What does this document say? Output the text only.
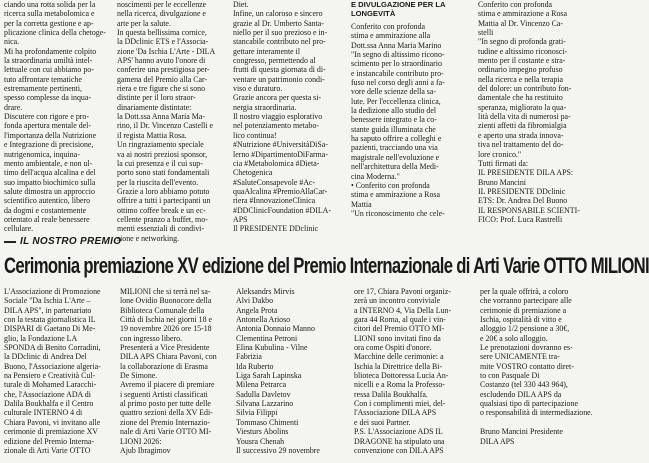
ciando una rotta solida per la
ricerca sulla metabolomica e
per la corretta gestione e ap-
plicazione clinica della chetoge-
nica.
Mi ha profondamente colpito
la straordinaria umiltà intel-
lettuale con cui abbiamo po-
tuto affrontare tematiche
estremamente pertinenti,
spesso complesse da inqua-
drare.
Discutere con rigore e pro-
fonda apertura mentale del-
l'importanza della Nutrizione
e Integrazione di precisione,
nutrigenomica, inquina-
mento ambientale, e non ul-
timo dell'acqua alcalina e del
suo impatto biochimico sulla
salute dimostra un approccio
scientifico autentico, libero
da dogmi e costantemente
orientato al reale benessere
cellulare.

noscimenti per le eccellenze
nella ricerca, divulgazione e
arte per la salute.
In questa bellissima cornice,
la DDclinic ETS e l'Associa-
zione 'Da Ischia L'Arte - DILA
APS' hanno avuto l'onore di
conferire una prestigiosa per-
gamena del Premio alla Car-
riera e tre figure che si sono
distinte per il loro straor-
dinariamente distintate:
la Dott.ssa Anna Maria Ma-
rino, il Dr. Vincenzo Castelli e
il regista Mattia Rosa.
Un ringraziamento speciale
va ai nostri preziosi sponsor,
la cui presenza e il cui sup-
porto sono stati fondamentali
per la riuscita dell'evento.
Grazie a loro abbiamo potuto
offrire a tutti i partecipanti un
ottimo coffee break e un ec-
cellente pranzo a buffet, mo-
menti essenziali di condivi-
sione e networking.

Diet.
Infine, un caloroso e sincero
grazie al Dr. Umberto Santa-
niello per il suo prezioso e in-
stancabile contributo nel pro-
gettare interamente il
congresso, permettendo al
frutti di questa giornata di di-
ventare un patrimonio condi-
viso e duraturo.
Grazie ancora per questa si-
nergia straordinaria.
Il nostro viaggio esplorativo
nel potenziamento metabo-
lico continua!
#Nutrizione #UniversitàDiSa-
lerno #DipartimentoDiFarma-
cia #Metabolomica #Dieta-
Chetogenica
#SaluteConsapevole #Ac-
quaAlcalina #PremioAllaCar-
riera #InnovazioneClinica
#DDClinicFoundation #DILA-
APS
Il PRESIDENTE DDclinic

E DIVULGAZIONE PER LA
LONGEVITÀ

Conferito con profonda
stima e ammirazione alla
Dott.ssa Anna Maria Marino
"In segno di altissimo ricono-
scimento per lo straordinario
e instancabile contributo pro-
fuso nel corso degli anni a fa-
vore delle scienze della sa-
lute. Per l'eccellenza clinica,
la dedizione allo studio del
benessere integrato e la co-
stante guida illuminata che
ha saputo offrire a colleghi e
pazienti, tracciando una via
magistrale nell'evoluzione e
nell'architettura della Medi-
cina Moderna."
• Conferito con profonda
stima e ammirazione a Rosa
Mattia
"Un riconoscimento che cele-

Conferito con profonda
stima e ammirazione a Rosa
Mattia al Dr. Vincenzo Ca-
stelli
"In segno di profonda grati-
tudine e altissimo riconosci-
mento per il costante e stra-
ordinario impegno profuso
nella ricerca e nella terapia
del dolore: un contributo fon-
damentale che ha restituito
speranza, migliorato la qua-
lità della vita di numerosi pa-
zienti affetti da fibromialgia
e aperto una strada innova-
tiva nel trattamento del do-
lore cronico."
Tutti firmati da:
IL PRESIDENTE DILA APS:
Bruno Mancini
IL PRESIDENTE DDclinic
ETS: Dr. Andrea Del Buono
IL RESPONSABILE SCIENTI-
FICO: Prof. Luca Rastrelli

IL NOSTRO PREMIO
Cerimonia premiazione XV edizione del Premio Internazionale di Arti Varie OTTO MILIONI

L'Associazione di Promozione
Sociale "Da Ischia L'Arte –
DILA APS", in partenariato
con la testata giornalistica IL
DISPARI di Gaetano Di Me-
glio, la Fondazione LA
SPONDA di Benito Corradini,
la DDclinic di Andrea Del
Buono, l'Associazione algeria-
na Pensiero e Creatività Cul-
turale di Mohamed Laracchi-
che, l'Associazione ADA di
Dalila Boukhalfa e il Centro
culturale INTERNO 4 di
Chiara Pavoni, vi invitano alle
cerimonie di premiazione XV
edizione del Premio Interna-
zionale di Arti Varie OTTO

MILIONI che si terrà nel sa-
lone Ovidio Buonocore della
Biblioteca Comunale della
Città di Ischia nei giorni 18 e
19 novembre 2026 ore 15-18
con ingresso libero.
Presenterà a Vice Presidente
DILA APS Chiara Pavoni, con
la collaborazione di Erasma
De Simone.
Avremo il piacere di premiare
i seguenti Artisti classificati
al primo posto per tutte delle
quattro sezioni della XV Edi-
zione del Premio Internazio-
nale di Arti Varie OTTO MI-
LIONI 2026:
Ajub Ibragimov

Aleksandrs Mirvis
Alvi Dakbo
Angela Prota
Antonella Arioso
Antonia Donnaio Manno
Clementina Petroni
Elina Kubulina - Vilne
Fabrizia
Ida Ruberto
Liga Sarah Lapinska
Milena Petrarca
Sadulla Davletov
Silvana Lazzarino
Silvia Filippi
Tommaso Chimenti
Viesturs Abolins
Yousra Chenah
Il successivo 29 novembre

ore 17, Chiara Pavoni organiz-
zerà un incontro conviviale
a INTERNO 4, Via Della Lun-
gara 44 Roma, al quale i vin-
citori del Premio OTTO MI-
LIONI sono invitati fino da
ora come Ospiti d'onore.
Macchine delle cerimonie: a
Ischia la Direttrice della Bi-
blioteca Dottoressa Lucia An-
nicelli e a Roma la Professo-
ressa Dalila Boukhalfa.
Con i complimenti miei, del-
l'Associazione DILA APS
e dei suoi Partner.
P.S. L'Associazione ADS IL
DRAGONE ha stipulato una
convenzione con DILA APS

per la quale offrirà, a coloro
che vorranno partecipare alle
cerimonie di premiazione a
Ischia, ospitalità di vitto e
alloggio 1/2 pensione a 30€,
e 20€ a solo alloggio.
Le prenotazioni dovranno es-
sere UNICAMENTE tra-
mite VOSTRO contatto diret-
to con Pasquale Di
Costanzo (tel 330 443 964),
escludendo DILA APS da
qualsiasi tipo di partecipazione
o responsabilità di intermediazione.

Bruno Mancini Presidente
DILA APS
